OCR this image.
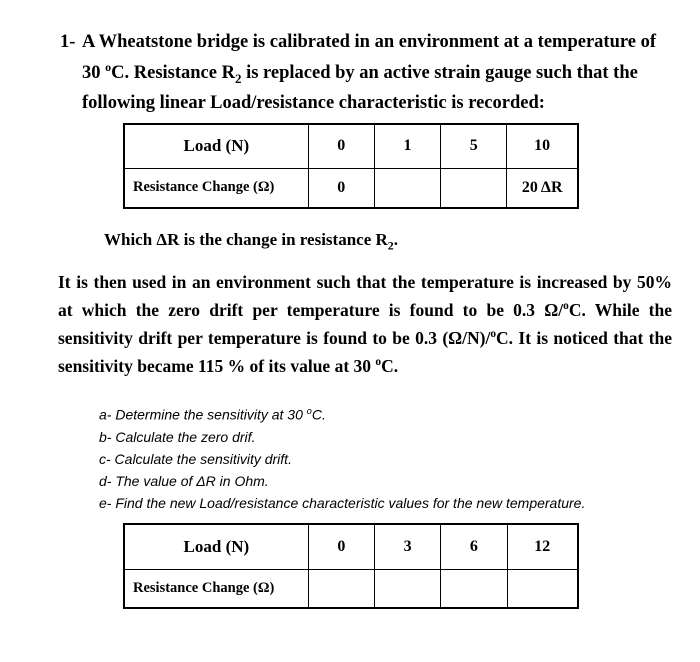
1- A Wheatstone bridge is calibrated in an environment at a temperature of 30 $^o$C. Resistance $R_2$ is replaced by an active strain gauge such that the following linear Load/resistance characteristic is recorded:
Load (N)	0	1	5	10
Resistance Change (Ω)	0			20 ΔR
Which ΔR is the change in resistance $R_2$.
It is then used in an environment such that the temperature is increased by 50% at which the zero drift per temperature is found to be 0.3 Ω/$^o$C. While the sensitivity drift per temperature is found to be 0.3 (Ω/N)/$^o$C. It is noticed that the sensitivity became 115 % of its value at 30 $^o$C.
a- Determine the sensitivity at 30 $^o$C.
b- Calculate the zero drif.
c- Calculate the sensitivity drift.
d- The value of ΔR in Ohm.
e- Find the new Load/resistance characteristic values for the new temperature.
Load (N)	0	3	6	12
Resistance Change (Ω)				
